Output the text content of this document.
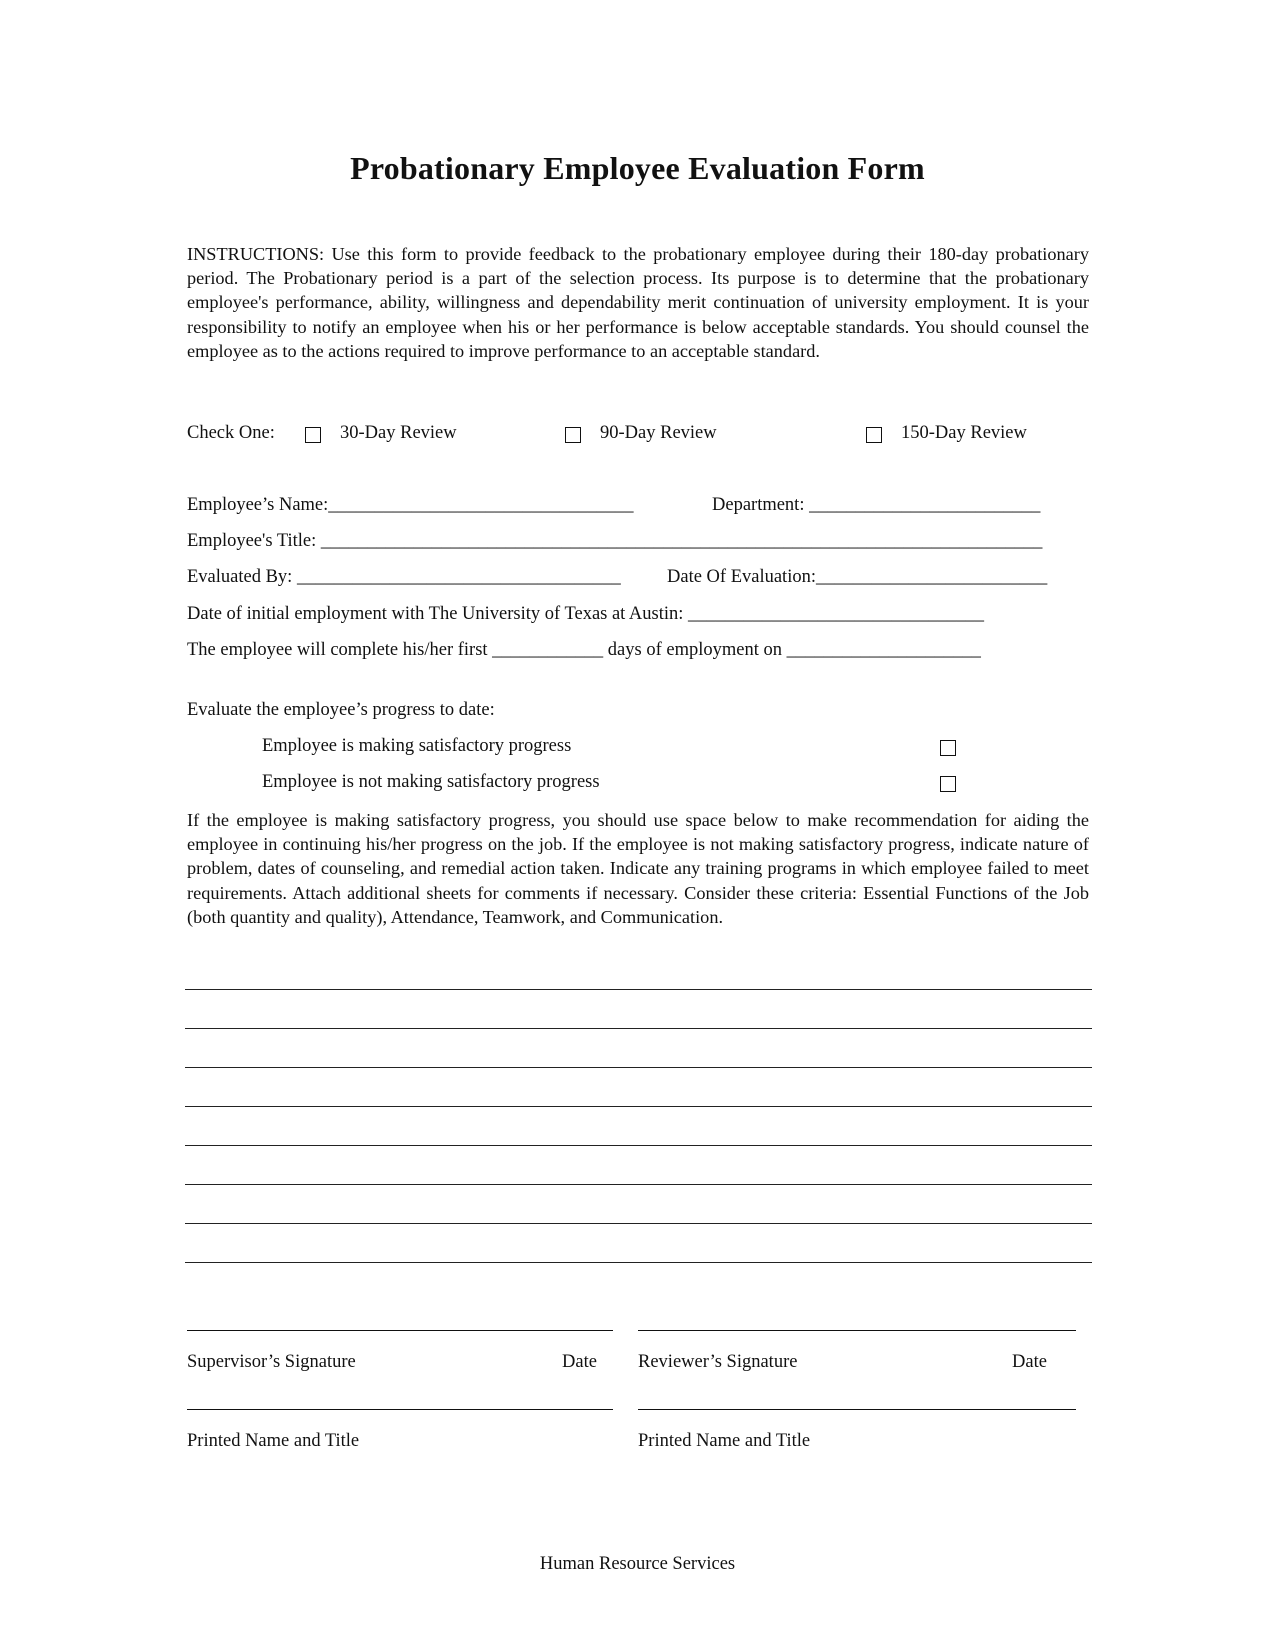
Probationary Employee Evaluation Form
INSTRUCTIONS: Use this form to provide feedback to the probationary employee during their 180-day probationary period. The Probationary period is a part of the selection process. Its purpose is to determine that the probationary employee's performance, ability, willingness and dependability merit continuation of university employment. It is your responsibility to notify an employee when his or her performance is below acceptable standards. You should counsel the employee as to the actions required to improve performance to an acceptable standard.
Check One:	30-Day Review	90-Day Review	150-Day Review
Employee’s Name:_________________________________	Department: _________________________
Employee's Title: ______________________________________________________________________________
Evaluated By: ___________________________________	Date Of Evaluation:_________________________
Date of initial employment with The University of Texas at Austin: ________________________________
The employee will complete his/her first ____________ days of employment on _____________________
Evaluate the employee’s progress to date:
Employee is making satisfactory progress
Employee is not making satisfactory progress
If the employee is making satisfactory progress, you should use space below to make recommendation for aiding the employee in continuing his/her progress on the job. If the employee is not making satisfactory progress, indicate nature of problem, dates of counseling, and remedial action taken. Indicate any training programs in which employee failed to meet requirements. Attach additional sheets for comments if necessary. Consider these criteria: Essential Functions of the Job (both quantity and quality), Attendance, Teamwork, and Communication.
Supervisor’s Signature	Date Reviewer’s Signature	Date
Printed Name and Title	Printed Name and Title
Human Resource Services
